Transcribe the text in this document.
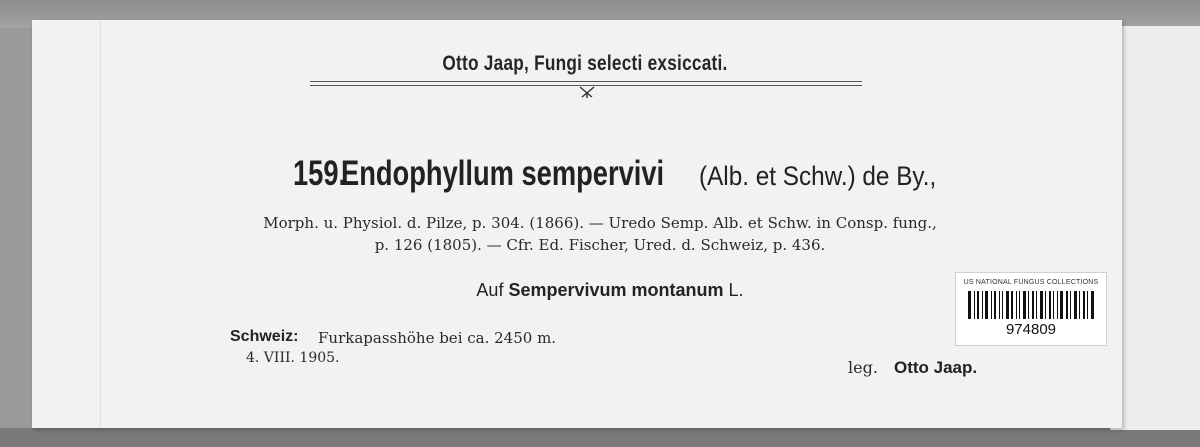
Otto Jaap, Fungi selecti exsiccati.
159. Endophyllum sempervivi (Alb. et Schw.) de By.,
Morph. u. Physiol. d. Pilze, p. 304. (1866). — Uredo Semp. Alb. et Schw. in Consp. fung.,
p. 126 (1805). — Cfr. Ed. Fischer, Ured. d. Schweiz, p. 436.
Auf Sempervivum montanum L.
Schweiz: Furkapasshöhe bei ca. 2450 m.
4. VIII. 1905.	leg. Otto Jaap.
US NATIONAL FUNGUS COLLECTIONS
974809
